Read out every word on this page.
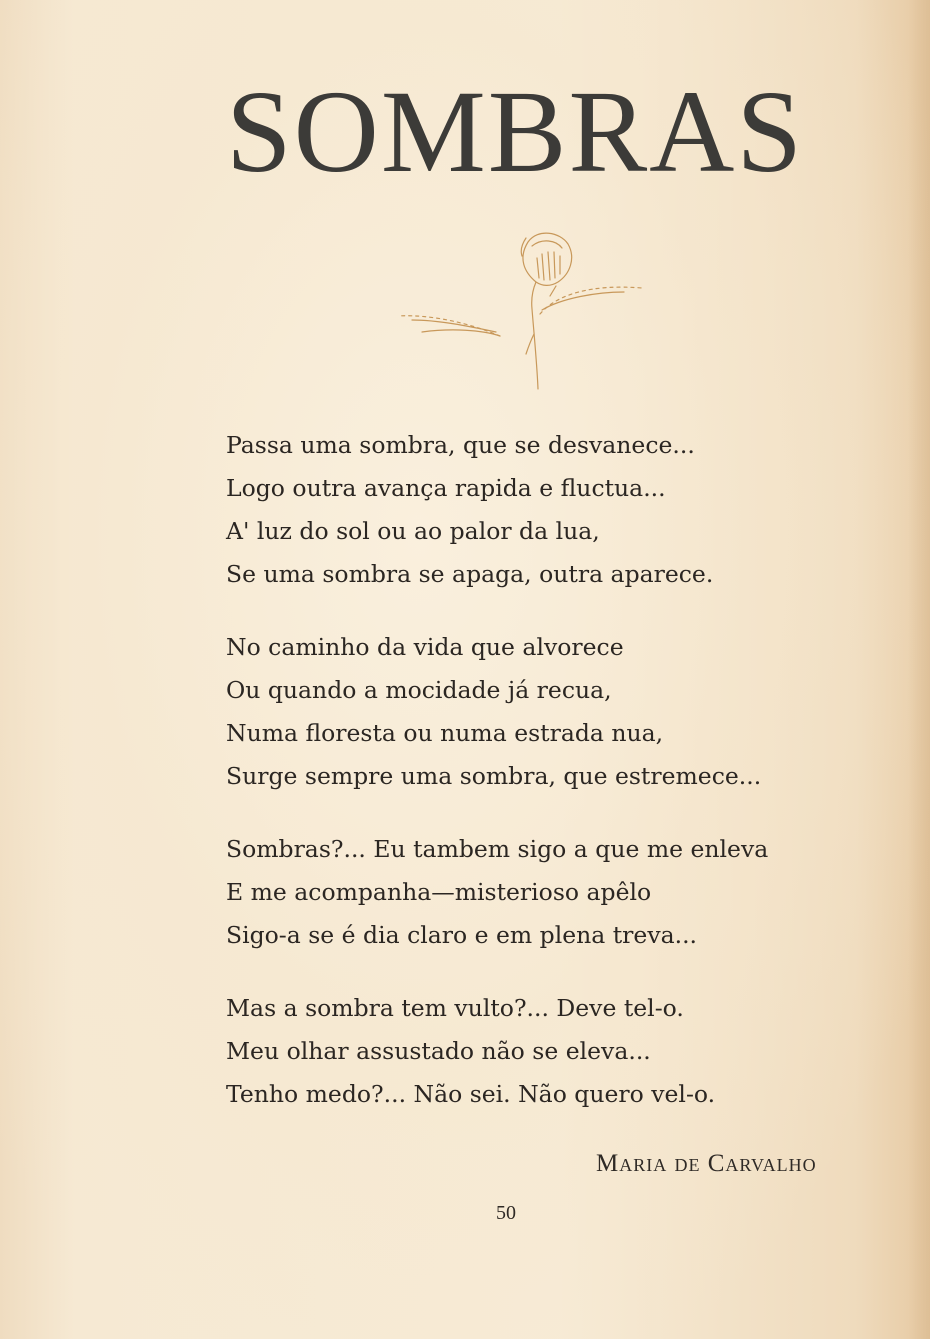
SOMBRAS
Passa uma sombra, que se desvanece...
Logo outra avança rapida e fluctua...
A' luz do sol ou ao palor da lua,
Se uma sombra se apaga, outra aparece.
No caminho da vida que alvorece
Ou quando a mocidade já recua,
Numa floresta ou numa estrada nua,
Surge sempre uma sombra, que estremece...
Sombras?... Eu tambem sigo a que me enleva
E me acompanha—misterioso apêlo
Sigo-a se é dia claro e em plena treva...
Mas a sombra tem vulto?... Deve tel-o.
Meu olhar assustado não se eleva...
Tenho medo?... Não sei. Não quero vel-o.
Maria de Carvalho
50
